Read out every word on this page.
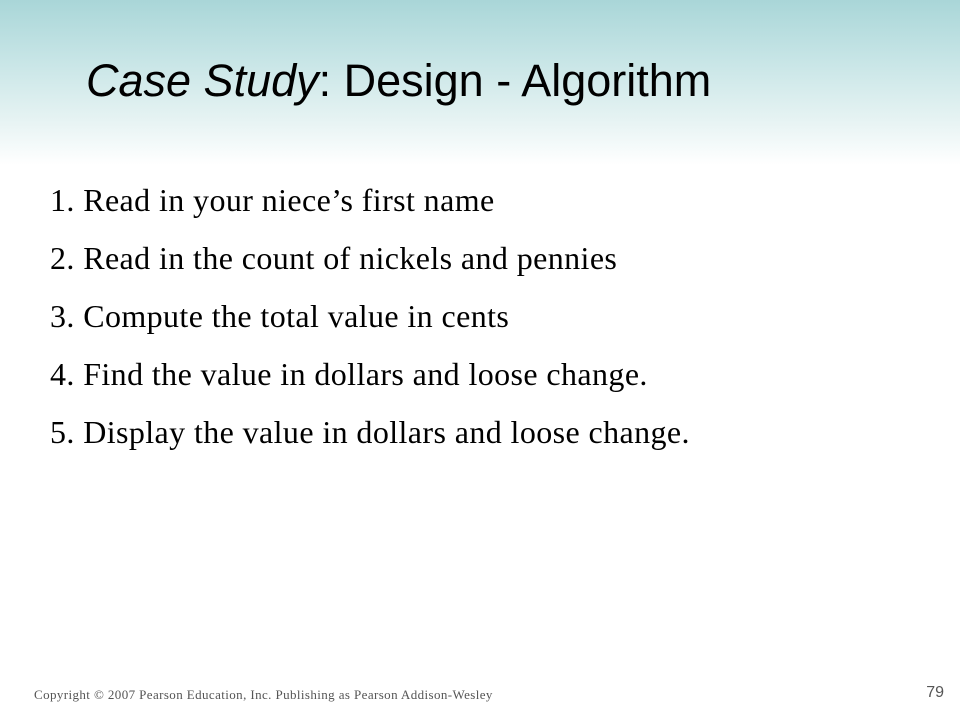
Case Study: Design - Algorithm
1. Read in your niece’s first name
2. Read in the count of nickels and pennies
3. Compute the total value in cents
4. Find the value in dollars and loose change.
5. Display the value in dollars and loose change.
Copyright © 2007 Pearson Education, Inc. Publishing as Pearson Addison-Wesley	79
